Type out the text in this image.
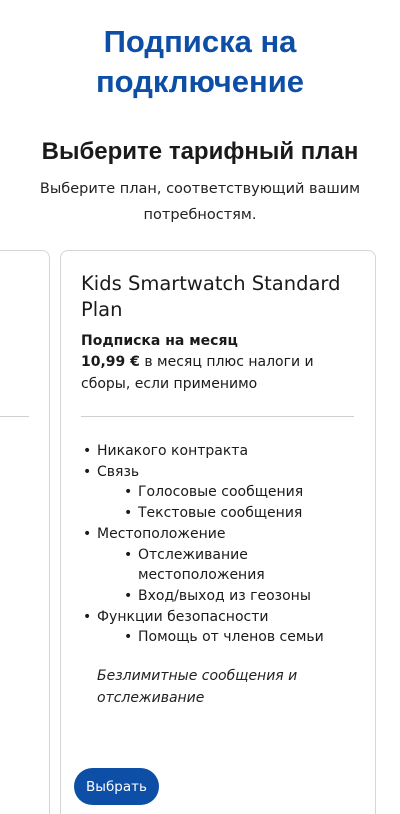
Подписка на подключение
Выберите тарифный план

Выберите план, соответствующий вашим потребностям.

Kids Smartwatch Standard Plan
Подписка на месяц
10,99 € в месяц плюс налоги и сборы, если применимо
• Никакого контракта
• Связь
• Голосовые сообщения
• Текстовые сообщения
• Местоположение
• Отслеживание местоположения
• Вход/выход из геозоны
• Функции безопасности
• Помощь от членов семьи
Безлимитные сообщения и отслеживание
Выбрать
